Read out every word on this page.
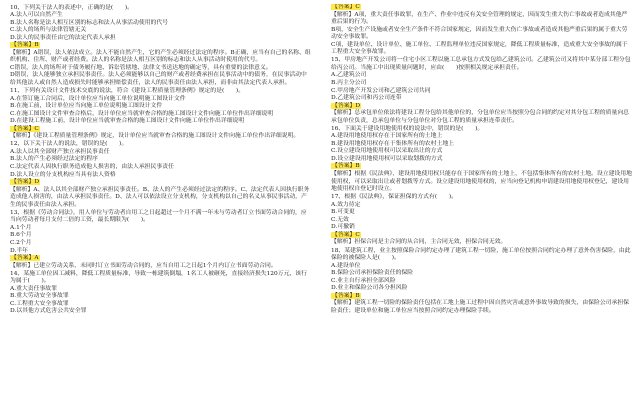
10、下列关于法人的表述中，正确的是(　　)。

A.法人可以自然产生

B.法人名称是法人相互区别的标志和法人从事活动使用的代号

C.法人的场所与法律管辖无关

D.法人的民事责任由它的法定代表人承担

【答案】B

【解析】A错误，法人依法成立。法人不能自然产生，它的产生必须经过法定的程序。B正确，应当有自己的名称、组织机构、住所、财产或者经费。法人的名称是法人相互区别的标志和法人从事活动时使用的代号。

C错误，法人的场所对于债务履行地、诉讼管辖地、法律文书送达地的确定等，具有重要的法律意义。

D错误，法人能够独立承担民事责任。法人必须能够以自己的财产或者经费承担在民事活动中的债务，在民事活动中给其他法人或自然人造成损失时能够承担赔偿责任，法人的民事责任由法人承担，而非由其法定代表人承担。

11、下列有关设计文件技术交底的说法，符合《建设工程质量管理条例》规定的是(　　)。

A.在签订施工合同后，设计单位应当向施工单位说明施工图设计文件

B.在施工前，设计单位应当向施工单位说明施工图设计文件

C.在施工图设计文件审查合格后，设计单位应当就审查合格的施工图设计文件向施工单位作出详细说明

D.在建设工程施工前，设计单位应当就审查合格的施工图设计文件向施工单位作出详细说明

【答案】C

【解析】《建设工程质量管理条例》规定，设计单位应当就审查合格的施工图设计文件向施工单位作出详细说明。

12、以下关于法人的说法，错误的是(　　)。

A.法人以其全部财产独立承担民事责任

B.法人的产生必须经过法定的程序

C.法定代表人因执行职务造成他人损害的，由法人承担民事责任

D.法人设立的分支机构应当具有法人资格

【答案】D

【解析】A、法人以其全部财产独立承担民事责任。B、法人的产生必须经过法定的程序。C、法定代表人因执行职务造成他人损害的，由法人承担民事责任。D、法人可以依法设立分支机构，分支机构以自己的名义从事民事活动，产生的民事责任由法人承担。

13、根据《劳动合同法》，用人单位与劳动者自用工之日起超过一个月不满一年未与劳动者订立书面劳动合同的，应当向劳动者每月支付二倍的工资，最长期限为(　　)。

A.1个月

B.6个月

C.2个月

D.半年

【答案】A

【解析】已建立劳动关系，未同时订立书面劳动合同的，应当自用工之日起1个月内订立书面劳动合同。

14、某施工单位因工减料，降低工程质量标准，导致一栋建筑倒塌，1名工人被砸死，直接经济损失120万元，该行为属于(　　)。

A.重大责任事故罪

B.重大劳动安全事故罪

C.工程重大安全事故罪

D.以其他方式危害公共安全罪

【答案】C

【解析】A项，重大责任事故罪，在生产、作业中违反有关安全管理的规定，因而发生重大伤亡事故或者造成其他严重后果的行为。

B项，安全生产设施或者安全生产条件不符合国家规定，因而发生重大伤亡事故或者造成其他严重后果的属于重大劳动安全事故罪。

C项，建设单位、设计单位、施工单位、工程监理单位违反国家规定，降低工程质量标准，造成重大安全事故的属于工程重大安全事故罪。

15、甲房地产开发公司将一住宅小区工程以施工总承包方式发包给乙建筑公司。乙建筑公司又将其中某分部工程分包给丙公司。当施工中出现质量问题时，应由(　　)按照相关规定承担责任。

A.乙建筑公司

B.丙主分公司

C.甲房地产开发公司和乙建筑公司共同

D.乙建筑公司和丙公司连带

【答案】D

【解析】总承包单位依法将建设工程分包给其他单位的，分包单位应当按照分包合同的约定对其分包工程的质量向总承包单位负责，总承包单位与分包单位对分包工程的质量承担连带责任。

16、下面关于建设用地使用权的说法中，错误的是(　　)。

A.建设用地使用权存在于国家所有的土地上

B.建设用地使用权存在于集体所有的农村土地上

C.设立建设用地使用权可以采取出让的方式

D.设立建设用地使用权可以采取划拨的方式

【答案】B

【解析】根据《民法典》，建设用地使用权只能存在于国家所有的土地上，不包括集体所有的农村土地。设立建设用地使用权，可以采取出让或者划拨等方式。设立建设用地使用权的，应当向登记机构申请建设用地使用权登记，建设用地使用权自登记时设立。

17、根据《民法典》，保证担保的方式有(　　)。

A.效力待定

B.可变更

C.无效

D.可撤销

【答案】C

【解析】担保合同是主合同的从合同，主合同无效，担保合同无效。

18、某建筑工程，业主按照保险合同约定办理了建筑工程一切险，施工单位按照合同约定办理了意外伤害保险，由此保险的被保险人是(　　)。

A.建设单位

B.保险公司承担保险责任的保险

C.业主自行承担全部风险

D.业主和保险公司各分担风险

【答案】B

【解析】建筑工程一切险的保险责任包括在工地上施工过程中因自然灾害或意外事故导致的损失，由保险公司承担保险责任；建设单位和施工单位应当按照合同约定办理保险手续。
